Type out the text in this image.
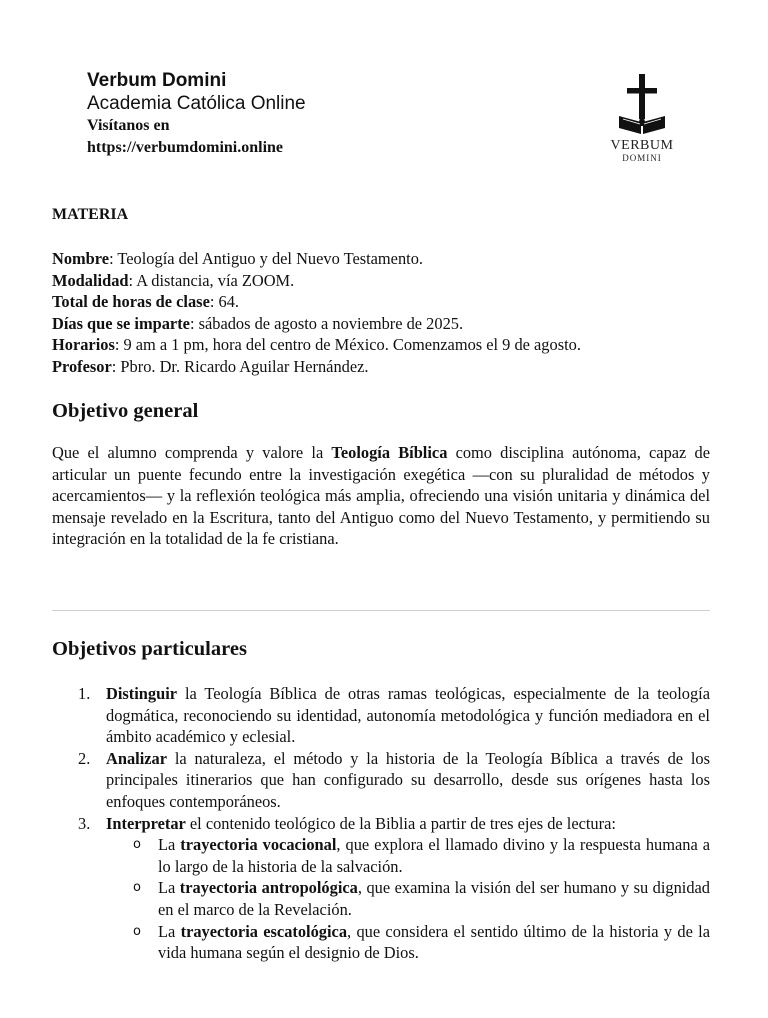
Verbum Domini
Academia Católica Online
Visítanos en
https://verbumdomini.online	VERBUM
DOMINI
MATERIA
Nombre: Teología del Antiguo y del Nuevo Testamento.
Modalidad: A distancia, vía ZOOM.
Total de horas de clase: 64.
Días que se imparte: sábados de agosto a noviembre de 2025.
Horarios: 9 am a 1 pm, hora del centro de México. Comenzamos el 9 de agosto.
Profesor: Pbro. Dr. Ricardo Aguilar Hernández.
Objetivo general
Que el alumno comprenda y valore la Teología Bíblica como disciplina autónoma, capaz de articular un puente fecundo entre la investigación exegética —con su pluralidad de métodos y acercamientos— y la reflexión teológica más amplia, ofreciendo una visión unitaria y dinámica del mensaje revelado en la Escritura, tanto del Antiguo como del Nuevo Testamento, y permitiendo su integración en la totalidad de la fe cristiana.
Objetivos particulares
1. Distinguir la Teología Bíblica de otras ramas teológicas, especialmente de la teología dogmática, reconociendo su identidad, autonomía metodológica y función mediadora en el ámbito académico y eclesial.
2. Analizar la naturaleza, el método y la historia de la Teología Bíblica a través de los principales itinerarios que han configurado su desarrollo, desde sus orígenes hasta los enfoques contemporáneos.
3. Interpretar el contenido teológico de la Biblia a partir de tres ejes de lectura:
o La trayectoria vocacional, que explora el llamado divino y la respuesta humana a lo largo de la historia de la salvación.
o La trayectoria antropológica, que examina la visión del ser humano y su dignidad en el marco de la Revelación.
o La trayectoria escatológica, que considera el sentido último de la historia y de la vida humana según el designio de Dios.
